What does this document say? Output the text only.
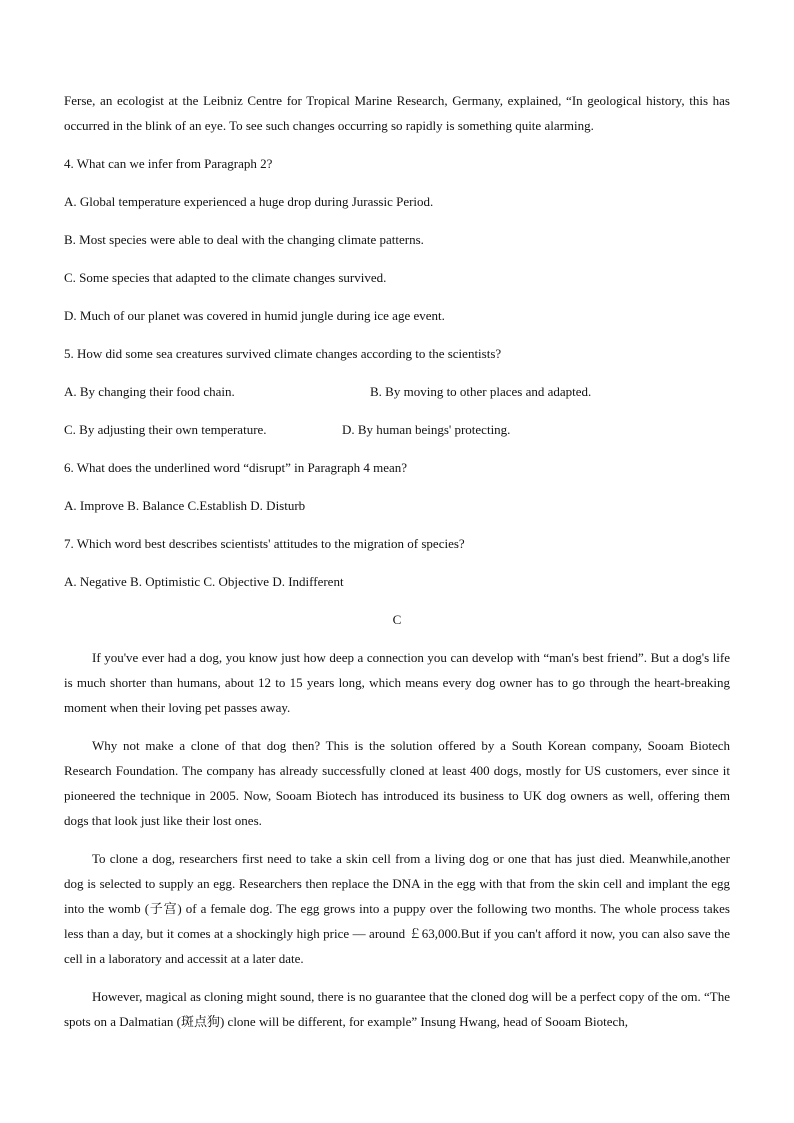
Ferse, an ecologist at the Leibniz Centre for Tropical Marine Research, Germany, explained, “In geological history, this has occurred in the blink of an eye. To see such changes occurring so rapidly is something quite alarming.

4. What can we infer from Paragraph 2?

A. Global temperature experienced a huge drop during Jurassic Period.

B. Most species were able to deal with the changing climate patterns.

C. Some species that adapted to the climate changes survived.

D. Much of our planet was covered in humid jungle during ice age event.

5. How did some sea creatures survived climate changes according to the scientists?

A. By changing their food chain.	B. By moving to other places and adapted.
C. By adjusting their own temperature.	D. By human beings' protecting.

6. What does the underlined word “disrupt” in Paragraph 4 mean?

A. Improve B. Balance C.Establish D. Disturb

7. Which word best describes scientists' attitudes to the migration of species?

A. Negative B. Optimistic C. Objective D. Indifferent

C

If you've ever had a dog, you know just how deep a connection you can develop with “man's best friend”. But a dog's life is much shorter than humans, about 12 to 15 years long, which means every dog owner has to go through the heart-breaking moment when their loving pet passes away.

Why not make a clone of that dog then? This is the solution offered by a South Korean company, Sooam Biotech Research Foundation. The company has already successfully cloned at least 400 dogs, mostly for US customers, ever since it pioneered the technique in 2005. Now, Sooam Biotech has introduced its business to UK dog owners as well, offering them dogs that look just like their lost ones.

To clone a dog, researchers first need to take a skin cell from a living dog or one that has just died. Meanwhile,another dog is selected to supply an egg. Researchers then replace the DNA in the egg with that from the skin cell and implant the egg into the womb (子宫) of a female dog. The egg grows into a puppy over the following two months. The whole process takes less than a day, but it comes at a shockingly high price — around ￡63,000.But if you can't afford it now, you can also save the cell in a laboratory and accessit at a later date.

However, magical as cloning might sound, there is no guarantee that the cloned dog will be a perfect copy of the om. “The spots on a Dalmatian (斑点狗) clone will be different, for example” Insung Hwang, head of Sooam Biotech,
